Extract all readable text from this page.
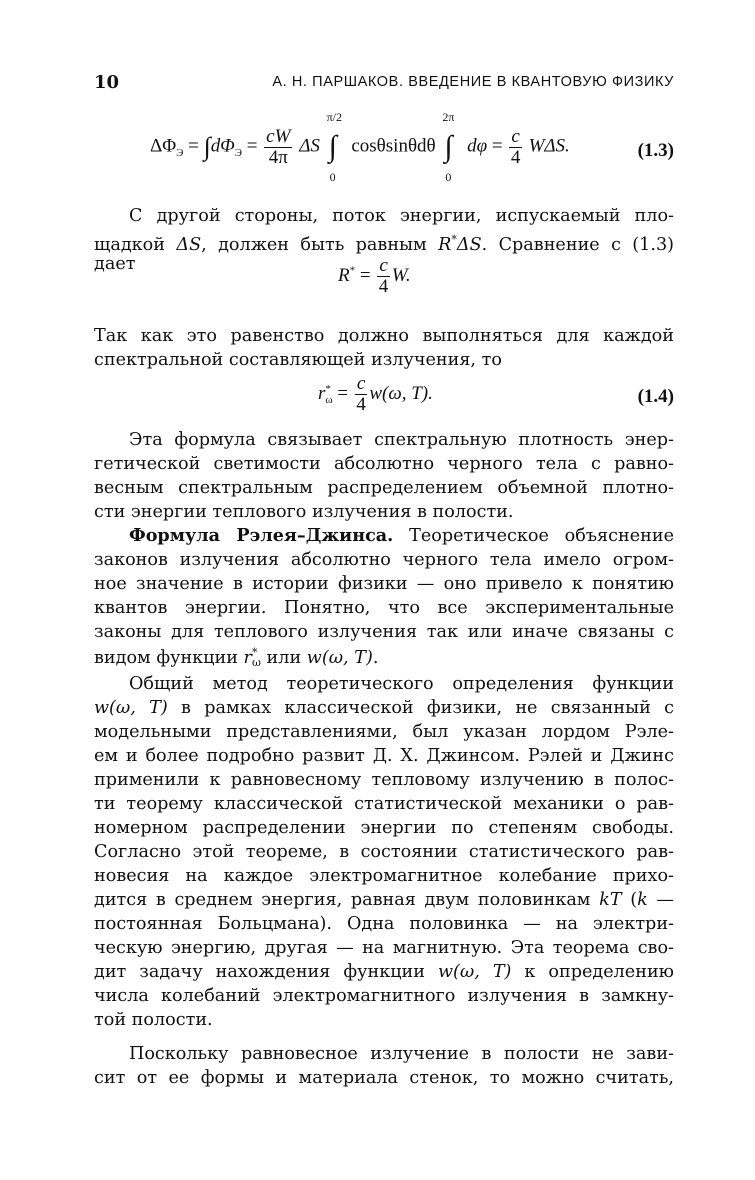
10	А. Н. ПАРШАКОВ. ВВЕДЕНИЕ В КВАНТОВУЮ ФИЗИКУ
$\Delta\Phi_Э = \int d\Phi_Э = \frac{cW}{4\pi}$ ΔS
π/2
∫
0
cosθsinθdθ
2π
∫
0
$d\varphi = \frac{c}{4} W\Delta S$.	(1.3)
С другой стороны, поток энергии, испускаемый пло-
щадкой ΔS, должен быть равным R*ΔS. Сравнение с (1.3)
дает
$R^* = \frac{c}{4} W$.
Так как это равенство должно выполняться для каждой
спектральной составляющей излучения, то
r *
$\omega = \frac{c}{4} w(\omega$, T).	(1.4)
Эта формула связывает спектральную плотность энер-
гетической светимости абсолютно черного тела с равно-
весным спектральным распределением объемной плотно-
сти энергии теплового излучения в полости.
Формула Рэлея–Джинса. Теоретическое объяснение
законов излучения абсолютно черного тела имело огром-
ное значение в истории физики — оно привело к понятию
квантов энергии. Понятно, что все экспериментальные
законы для теплового излучения так или иначе связаны с
видом функции r *
ω или w(ω, T).
Общий метод теоретического определения функции
w(ω, T) в рамках классической физики, не связанный с
модельными представлениями, был указан лордом Рэле-
ем и более подробно развит Д. Х. Джинсом. Рэлей и Джинс
применили к равновесному тепловому излучению в полос-
ти теорему классической статистической механики о рав-
номерном распределении энергии по степеням свободы.
Согласно этой теореме, в состоянии статистического рав-
новесия на каждое электромагнитное колебание прихо-
дится в среднем энергия, равная двум половинкам kT (k —
постоянная Больцмана). Одна половинка — на электри-
ческую энергию, другая — на магнитную. Эта теорема сво-
дит задачу нахождения функции w(ω, T) к определению
числа колебаний электромагнитного излучения в замкну-
той полости.
Поскольку равновесное излучение в полости не зави-
сит от ее формы и материала стенок, то можно считать,
